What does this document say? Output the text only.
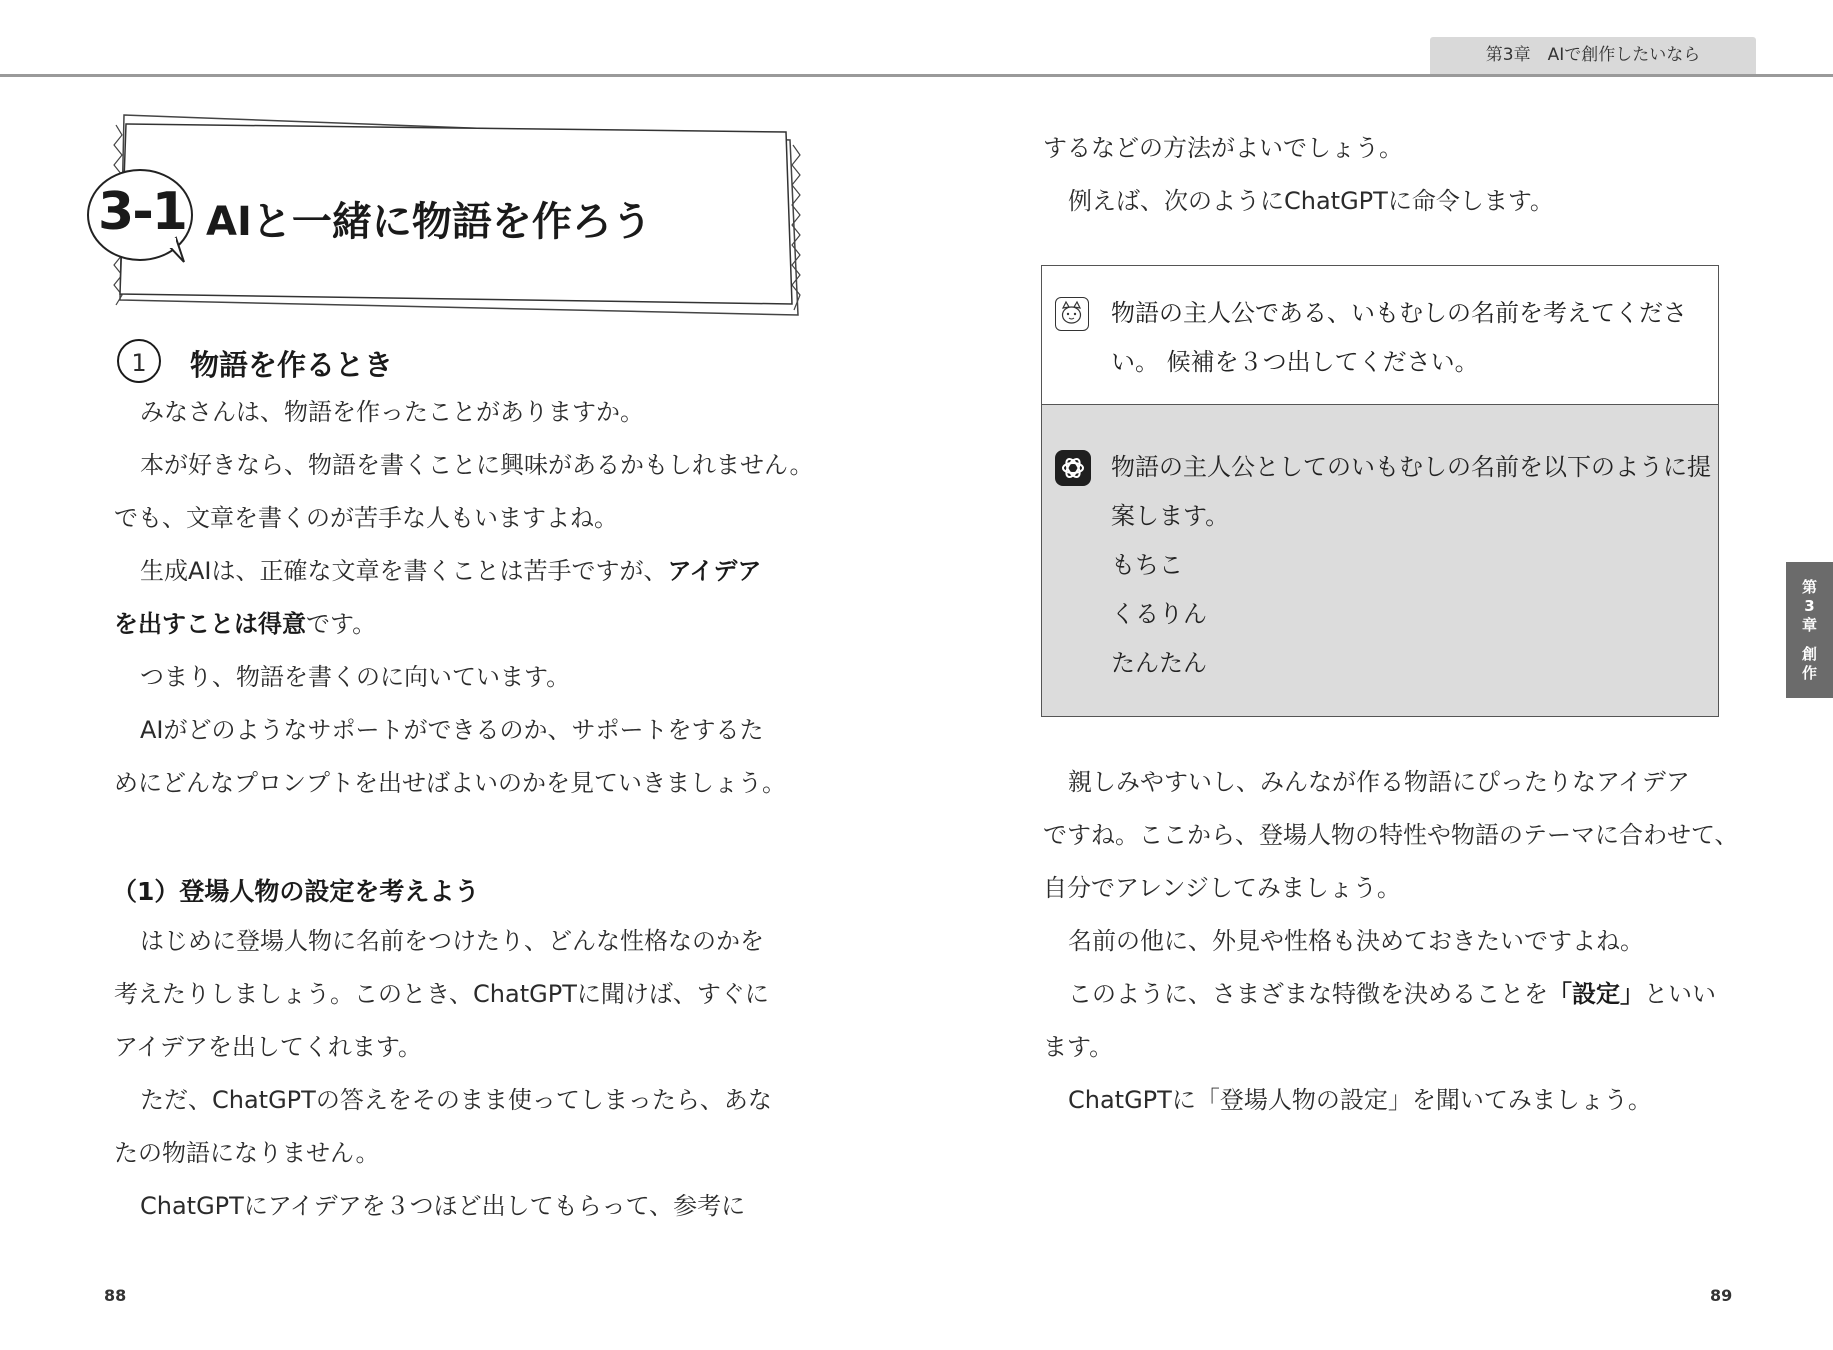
第3章　AIで創作したいなら
3-1 AIと一緒に物語を作ろう
1	物語を作るとき
みなさんは、物語を作ったことがありますか。
本が好きなら、物語を書くことに興味があるかもしれません。
でも、文章を書くのが苦手な人もいますよね。
生成AIは、正確な文章を書くことは苦手ですが、アイデア
を出すことは得意です。
つまり、物語を書くのに向いています。
AIがどのようなサポートができるのか、サポートをするた
めにどんなプロンプトを出せばよいのかを見ていきましょう。
（1）登場人物の設定を考えよう
はじめに登場人物に名前をつけたり、どんな性格なのかを
考えたりしましょう。このとき、ChatGPTに聞けば、すぐに
アイデアを出してくれます。
ただ、ChatGPTの答えをそのまま使ってしまったら、あな
たの物語になりません。
ChatGPTにアイデアを３つほど出してもらって、参考に
88
するなどの方法がよいでしょう。
例えば、次のようにChatGPTに命令します。
物語の主人公である、いもむしの名前を考えてくださ
い。 候補を３つ出してください。
物語の主人公としてのいもむしの名前を以下のように提
案します。
もちこ
くるりん
たんたん
親しみやすいし、みんなが作る物語にぴったりなアイデア
ですね。ここから、登場人物の特性や物語のテーマに合わせて、
自分でアレンジしてみましょう。
名前の他に、外見や性格も決めておきたいですよね。
このように、さまざまな特徴を決めることを「設定」といい
ます。
ChatGPTに「登場人物の設定」を聞いてみましょう。
第
3
章
創
作
89
